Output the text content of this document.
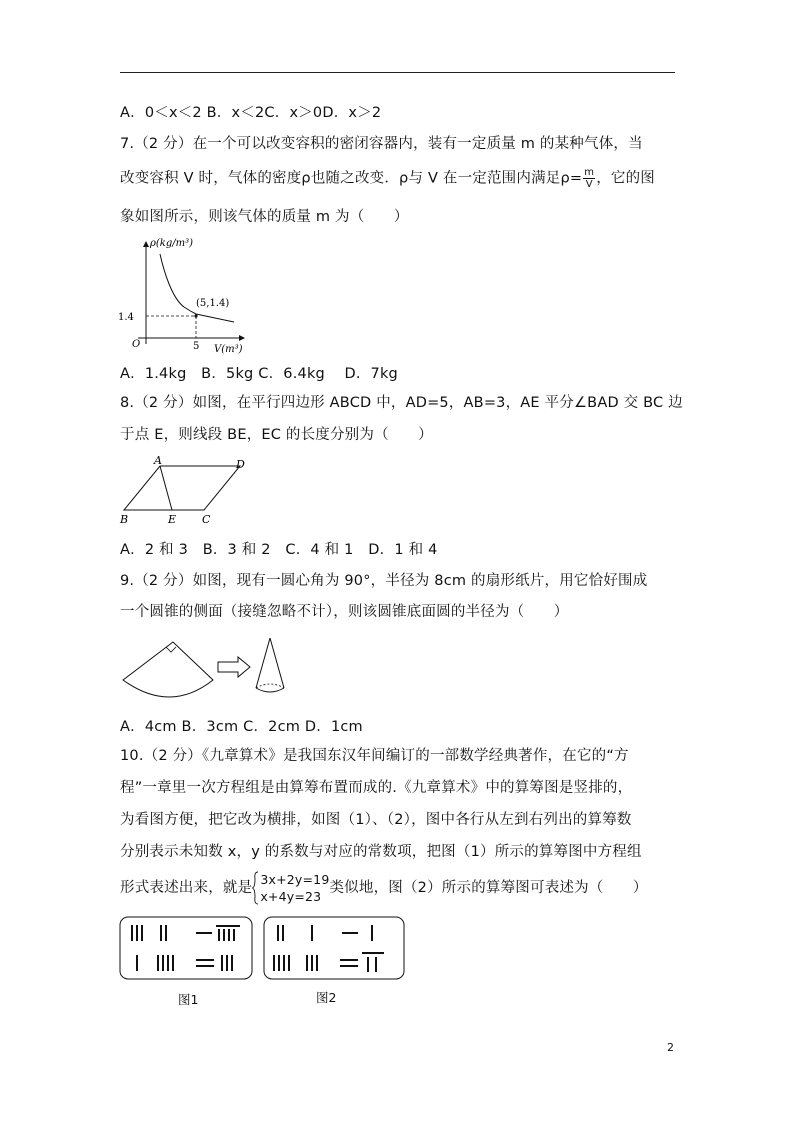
A．0＜x＜2 B．x＜2C．x＞0D．x＞2
7.（2 分）在一个可以改变容积的密闭容器内，装有一定质量 m 的某种气体，当
改变容积 V 时，气体的密度ρ也随之改变．ρ与 V 在一定范围内满足$\rho= \frac{m}{V}$ ，它的图
象如图所示，则该气体的质量 m 为（　　）
ρ(kg/m³)
V(m³)
O	5
1.4
(5,1.4)
A．1.4kg　B．5kg C．6.4kg　 D．7kg
8.（2 分）如图，在平行四边形 ABCD 中，AD=5，AB=3，AE 平分∠BAD 交 BC 边
于点 E，则线段 BE，EC 的长度分别为（　　）
A	D
B	E C
A．2 和 3　B．3 和 2　C．4 和 1　D．1 和 4
9.（2 分）如图，现有一圆心角为 90°，半径为 8cm 的扇形纸片，用它恰好围成
一个圆锥的侧面（接缝忽略不计），则该圆锥底面圆的半径为（　　）
A．4cm B．3cm C．2cm D．1cm
10.（2 分）《九章算术》是我国东汉年间编订的一部数学经典著作，在它的“方
程”一章里一次方程组是由算筹布置而成的.《九章算术》中的算筹图是竖排的，
为看图方便，把它改为横排，如图（1）、（2），图中各行从左到右列出的算筹数
分别表示未知数 x，y 的系数与对应的常数项，把图（1）所示的算筹图中方程组
形式表述出来，就是
3x+2y=19
x+4y=23
类似地，图（2）所示的算筹图可表述为（　　）
图1	图2
2
